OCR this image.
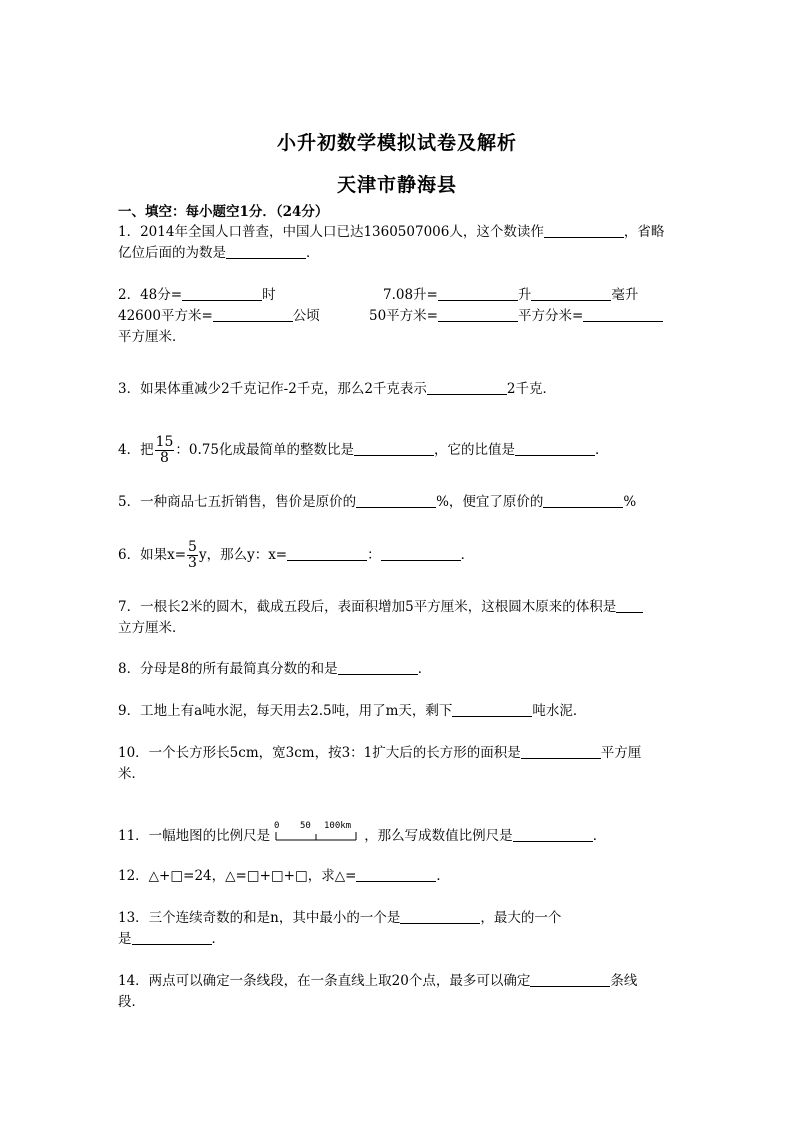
小升初数学模拟试卷及解析
天津市静海县
一、填空：每小题空1分．（24分）
1．2014年全国人口普查，中国人口已达1360507006人，这个数读作	，省略
亿位后面的为数是	．
2．48分=	时	7.08升=	升	毫升
42600平方米=	公顷	50平方米=	平方分米=
平方厘米．
3．如果体重减少2千克记作-2千克，那么2千克表示	2千克．
4．把 $\frac{15}{8}$ ：0.75化成最简单的整数比是	，它的比值是	．
5．一种商品七五折销售，售价是原价的	%，便宜了原价的	%
6．如果$x= \frac{5}{3}$ y，那么y：x=	：	．
7．一根长2米的圆木，截成五段后，表面积增加5平方厘米，这根圆木原来的体积是
立方厘米．
8．分母是8的所有最简真分数的和是	．
9．工地上有a吨水泥，每天用去2.5吨，用了m天，剩下	吨水泥．
10．一个长方形长5cm，宽3cm，按3：1扩大后的长方形的面积是	平方厘
米．
11．一幅地图的比例尺是
0 50 100km
，那么写成数值比例尺是	．
12．△+□=24，△=□+□+□，求△=	．
13．三个连续奇数的和是n，其中最小的一个是	，最大的一个
是	．
14．两点可以确定一条线段，在一条直线上取20个点，最多可以确定	条线
段．
